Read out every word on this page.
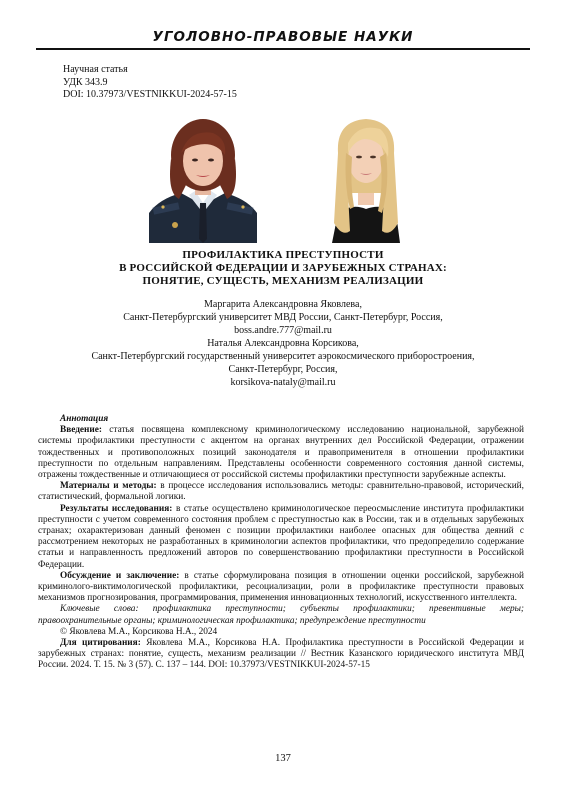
УГОЛОВНО-ПРАВОВЫЕ НАУКИ
Научная статья
УДК 343.9
DOI: 10.37973/VESTNIKKUI-2024-57-15
ПРОФИЛАКТИКА ПРЕСТУПНОСТИ
В РОССИЙСКОЙ ФЕДЕРАЦИИ И ЗАРУБЕЖНЫХ СТРАНАХ:
ПОНЯТИЕ, СУЩЕСТЬ, МЕХАНИЗМ РЕАЛИЗАЦИИ
Маргарита Александровна Яковлева,
Санкт-Петербургский университет МВД России, Санкт-Петербург, Россия,
boss.andre.777@mail.ru
Наталья Александровна Корсикова,
Санкт-Петербургский государственный университет аэрокосмического приборостроения,
Санкт-Петербург, Россия,
korsikova-nataly@mail.ru

Аннотация

Введение: статья посвящена комплексному криминологическому исследованию национальной, зарубежной системы профилактики преступности с акцентом на органах внутренних дел Российской Федерации, отражении тождественных и противоположных позиций законодателя и правоприменителя в отношении профилактики преступности по отдельным направлениям. Представлены особенности современного состояния данной системы, отражены тождественные и отличающиеся от российской системы профилактики преступности зарубежные аспекты.

Материалы и методы: в процессе исследования использовались методы: сравнительно-правовой, исторический, статистический, формальной логики.

Результаты исследования: в статье осуществлено криминологическое переосмысление института профилактики преступности с учетом современного состояния проблем с преступностью как в России, так и в отдельных зарубежных странах; охарактеризован данный феномен с позиции профилактики наиболее опасных для общества деяний с рассмотрением некоторых не разработанных в криминологии аспектов профилактики, что предопределило содержание статьи и направленность предложений авторов по совершенствованию профилактики преступности в Российской Федерации.

Обсуждение и заключение: в статье сформулирована позиция в отношении оценки российской, зарубежной криминолого-виктимологической профилактики, ресоциализации, роли в профилактике преступности правовых механизмов прогнозирования, программирования, применения инновационных технологий, искусственного интеллекта.

Ключевые слова: профилактика преступности; субъекты профилактики; превентивные меры; правоохранительные органы; криминологическая профилактика; предупреждение преступности

© Яковлева М.А., Корсикова Н.А., 2024

Для цитирования: Яковлева М.А., Корсикова Н.А. Профилактика преступности в Российской Федерации и зарубежных странах: понятие, сущесть, механизм реализации // Вестник Казанского юридического института МВД России. 2024. Т. 15. № 3 (57). С. 137 – 144. DOI: 10.37973/VESTNIKKUI-2024-57-15

137
